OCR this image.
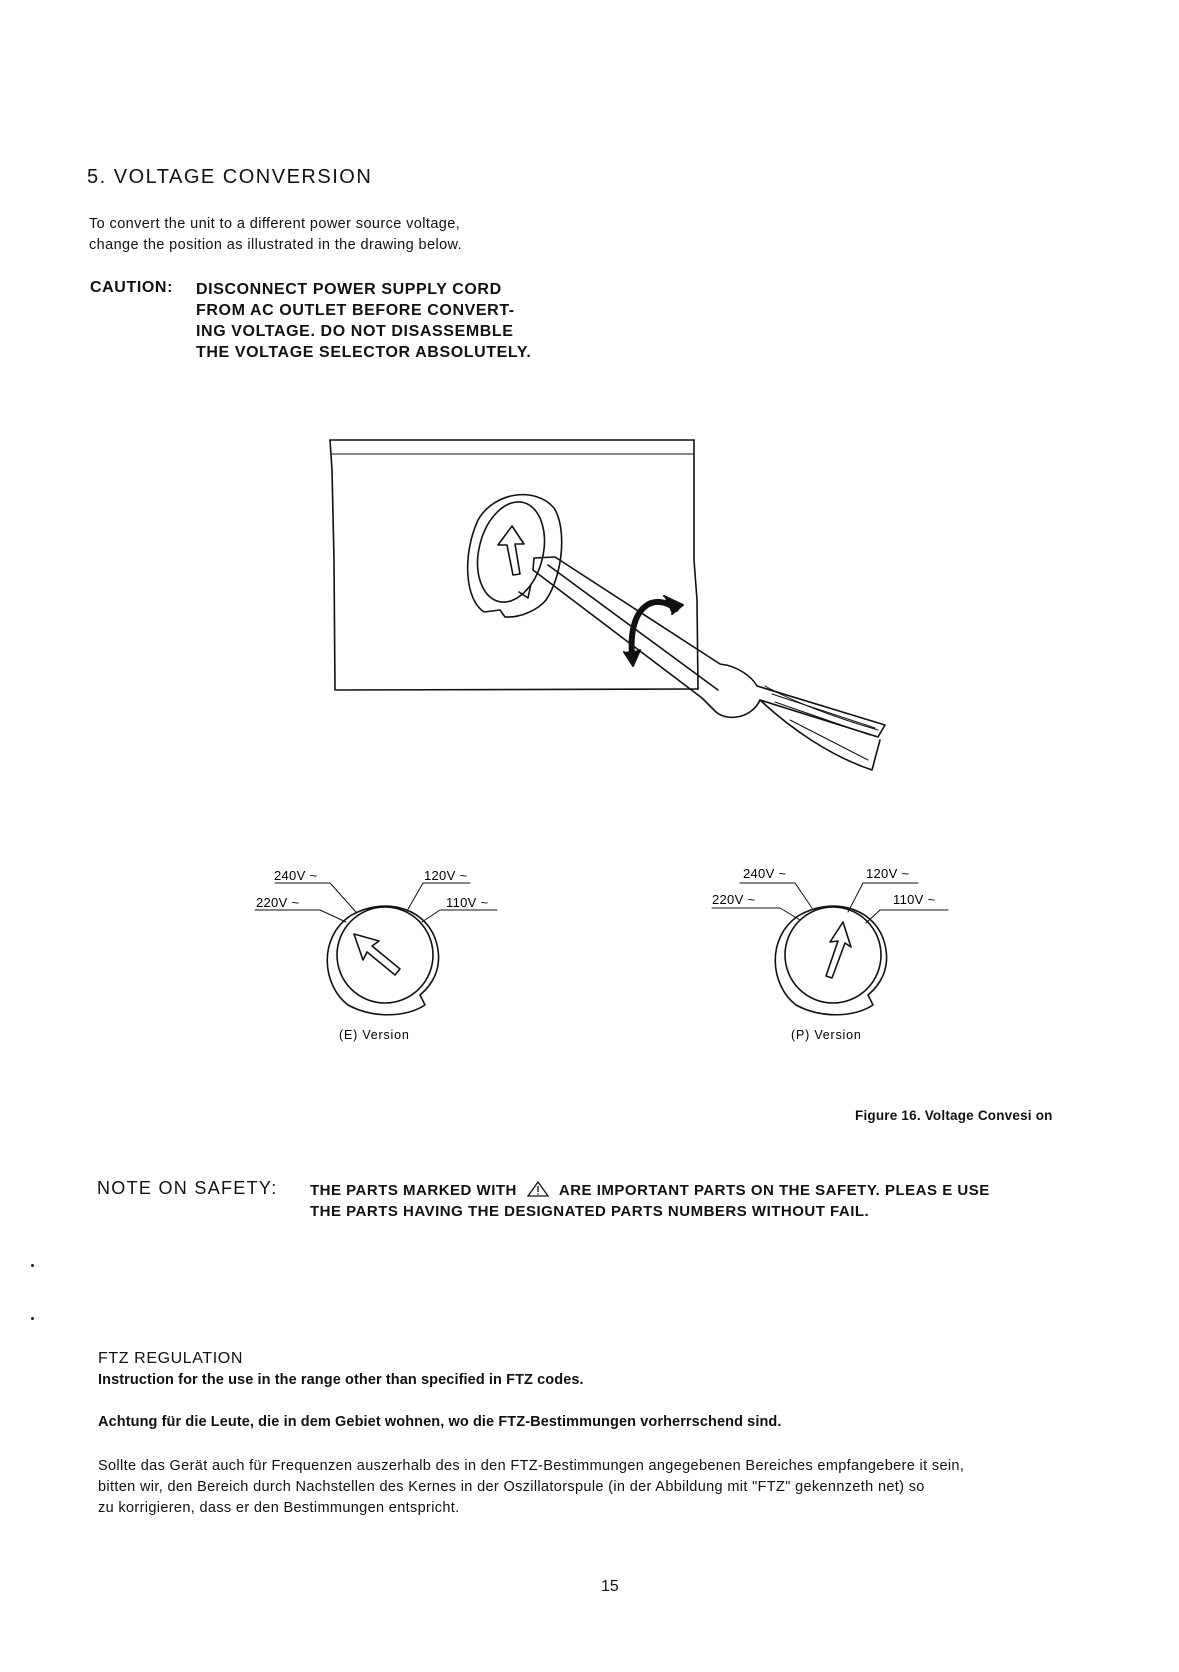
5. VOLTAGE CONVERSION
To convert the unit to a different power source voltage,
change the position as illustrated in the drawing below.
CAUTION: DISCONNECT POWER SUPPLY CORD
FROM AC OUTLET BEFORE CONVERT-
ING VOLTAGE. DO NOT DISASSEMBLE
THE VOLTAGE SELECTOR ABSOLUTELY.
240V ~
220V ~
120V ~
110V ~
(E) Version
240V ~
220V ~
120V ~
110V ~
(P) Version
Figure 16. Voltage Convesi on
NOTE ON SAFETY: THE PARTS MARKED WITH	ARE IMPORTANT PARTS ON THE SAFETY. PLEAS E USE
THE PARTS HAVING THE DESIGNATED PARTS NUMBERS WITHOUT FAIL.
FTZ REGULATION
Instruction for the use in the range other than specified in FTZ codes.
Achtung für die Leute, die in dem Gebiet wohnen, wo die FTZ-Bestimmungen vorherrschend sind.
Sollte das Gerät auch für Frequenzen auszerhalb des in den FTZ-Bestimmungen angegebenen Bereiches empfangebere it sein,
bitten wir, den Bereich durch Nachstellen des Kernes in der Oszillatorspule (in der Abbildung mit "FTZ" gekennzeth net) so
zu korrigieren, dass er den Bestimmungen entspricht.
15
